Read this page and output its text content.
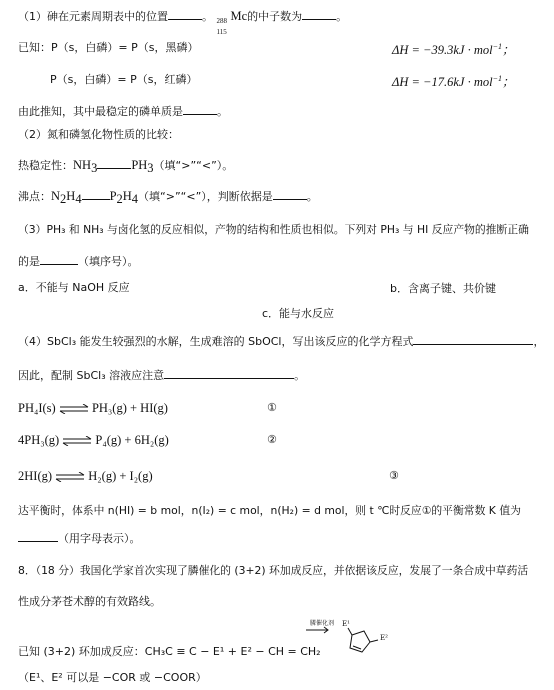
（1）砷在元素周期表中的位置	。 288
115
Mc的中子数为	。
已知：P（s，白磷）= P（s，黑磷）	ΔH = −39.3kJ · mol$^{-1}$；
P（s，白磷）= P（s，红磷）	ΔH = −17.6kJ · mol$^{-1}$；
由此推知，其中最稳定的磷单质是	。
（2）氮和磷氢化物性质的比较：
热稳定性：$NH_3$	$PH_3$（填“>”“<”）。
沸点：$N_2H_4$ $P_2H_4$（填“>”“<”），判断依据是	。
（3）PH₃ 和 NH₃ 与卤化氢的反应相似，产物的结构和性质也相似。下列对 PH₃ 与 HI 反应产物的推断正确
的是	（填序号）。
a．不能与 NaOH 反应	b．含离子键、共价键
c．能与水反应
（4）SbCl₃ 能发生较强烈的水解，生成难溶的 SbOCl，写出该反应的化学方程式	，
因此，配制 SbCl₃ 溶液应注意	。
PH₄I(s) ⇌ PH₃(g) + HI(g)	①
4PH₃(g) ⇌ P₄(g) + 6H₂(g)	②
2HI(g) ⇌ H₂(g) + I₂(g)	③
达平衡时，体系中 n(HI) = b mol，n(I₂) = c mol，n(H₂) = d mol，则 t ℃时反应①的平衡常数 K 值为
（用字母表示）。
8．（18 分）我国化学家首次实现了膦催化的 (3+2) 环加成反应，并依据该反应，发展了一条合成中草药活
性成分茅苍术醇的有效路线。
已知 (3+2) 环加成反应：CH₃C ≡ C − E¹ + E² − CH = CH₂
膦催化剂 E¹
E²
（E¹、E² 可以是 −COR 或 −COOR）
